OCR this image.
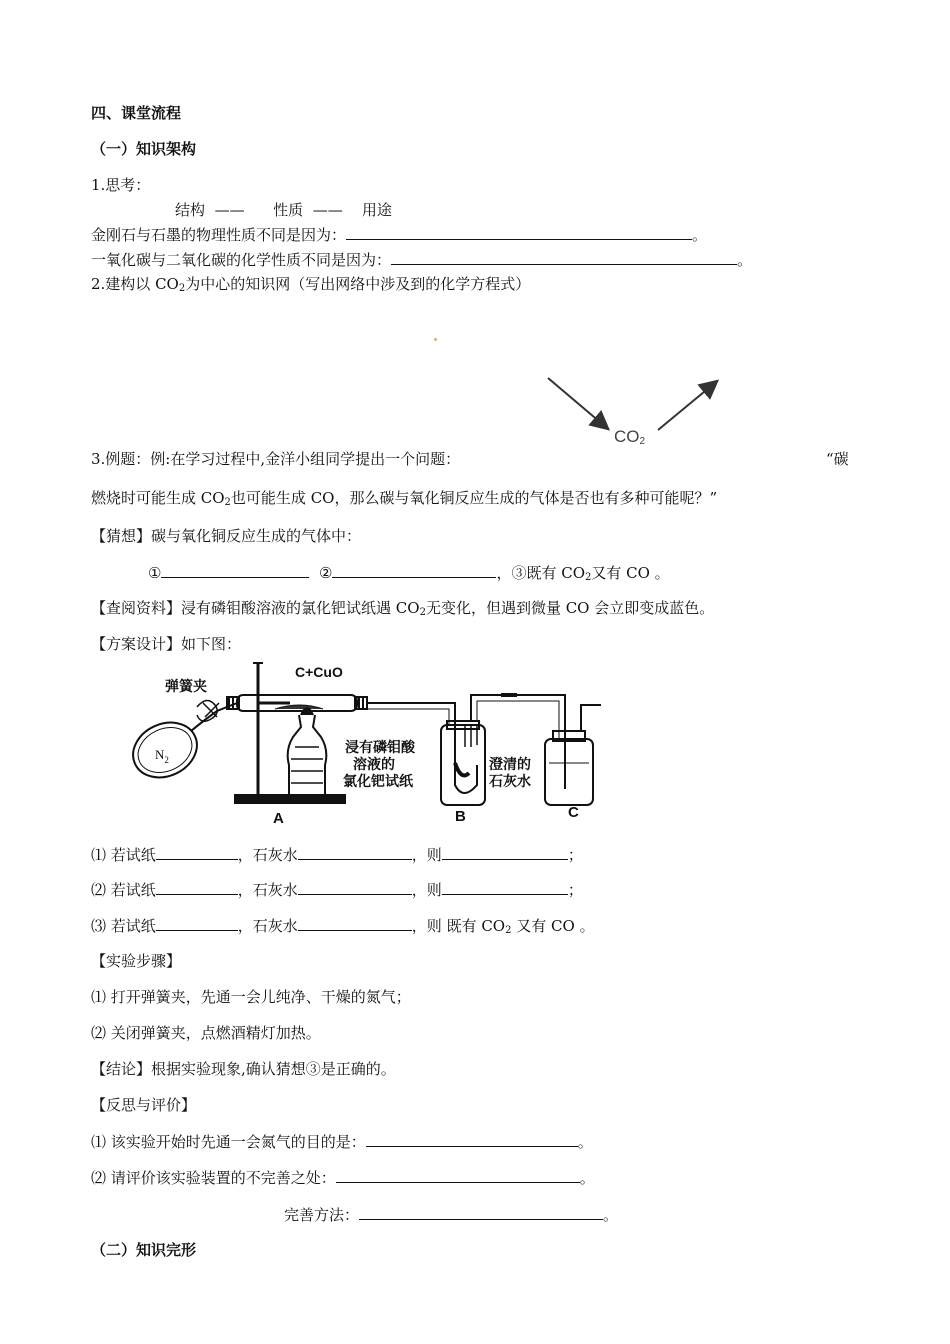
四、课堂流程
（一）知识架构
1.思考：
结构 —— 性质 —— 用途
金刚石与石墨的物理性质不同是因为：	。
一氧化碳与二氧化碳的化学性质不同是因为：	。
2.建构以 $CO_2$为中心的知识网（写出网络中涉及到的化学方程式）
$CO_2$
3.例题：例:在学习过程中,金洋小组同学提出一个问题：	“碳
燃烧时可能生成 $CO_2$也可能生成 CO，那么碳与氧化铜反应生成的气体是否也有多种可能呢？”
【猜想】碳与氧化铜反应生成的气体中：
①	②	，③既有 $CO_2$又有 CO 。
【查阅资料】浸有磷钼酸溶液的氯化钯试纸遇 $CO_2$无变化，但遇到微量 CO 会立即变成蓝色。
【方案设计】如下图：
C+CuO
弹簧夹
$N_2$
浸有磷钼酸
溶液的
氯化钯试纸
澄清的
石灰水
A	B	C
⑴ 若试纸	，石灰水	，则	；
⑵ 若试纸	，石灰水	，则	；
⑶ 若试纸	，石灰水	，则 既有 $CO_2$ 又有 CO 。
【实验步骤】
⑴ 打开弹簧夹，先通一会儿纯净、干燥的氮气；
⑵ 关闭弹簧夹，点燃酒精灯加热。
【结论】根据实验现象,确认猜想③是正确的。
【反思与评价】
⑴ 该实验开始时先通一会氮气的目的是：	。
⑵ 请评价该实验装置的不完善之处：	。
完善方法：	。
（二）知识完形
